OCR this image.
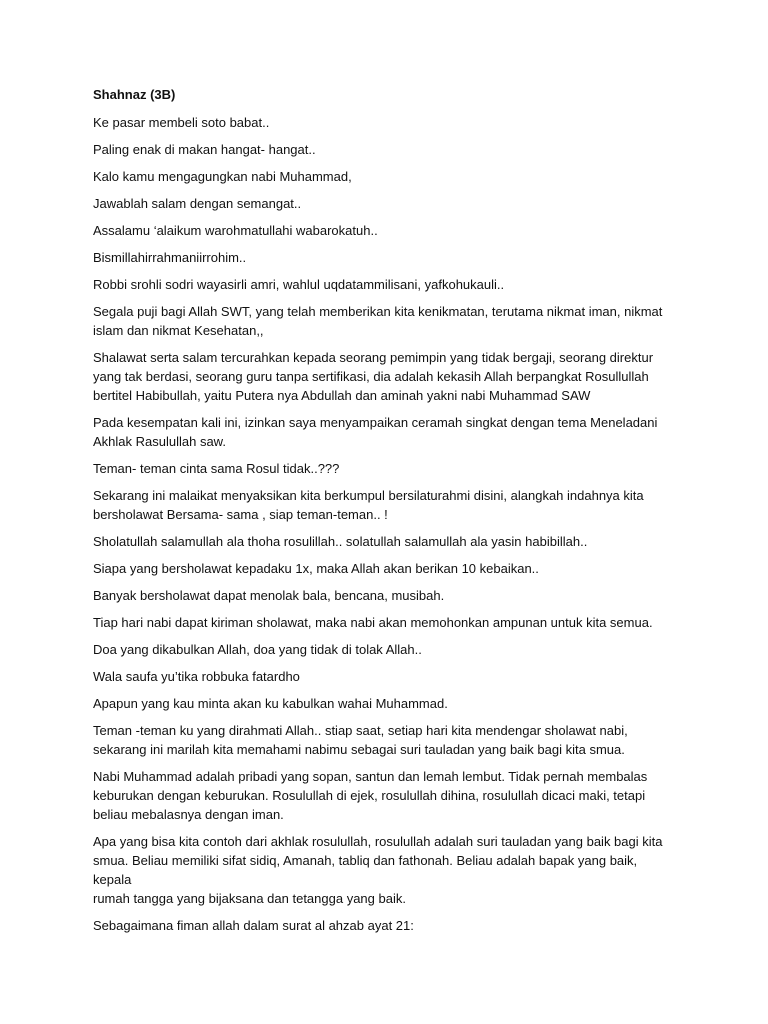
Shahnaz (3B)
Ke pasar membeli soto babat..
Paling enak di makan hangat- hangat..
Kalo kamu mengagungkan nabi Muhammad,
Jawablah salam dengan semangat..
Assalamu ‘alaikum warohmatullahi wabarokatuh..
Bismillahirrahmaniirrohim..
Robbi srohli sodri wayasirli amri, wahlul uqdatammilisani, yafkohukauli..
Segala puji bagi Allah SWT, yang telah memberikan kita kenikmatan, terutama nikmat iman, nikmat
islam dan nikmat Kesehatan,,
Shalawat serta salam tercurahkan kepada seorang pemimpin yang tidak bergaji, seorang direktur
yang tak berdasi, seorang guru tanpa sertifikasi, dia adalah kekasih Allah berpangkat Rosullullah
bertitel Habibullah, yaitu Putera nya Abdullah dan aminah yakni nabi Muhammad SAW
Pada kesempatan kali ini, izinkan saya menyampaikan ceramah singkat dengan tema Meneladani
Akhlak Rasulullah saw.
Teman- teman cinta sama Rosul tidak..???
Sekarang ini malaikat menyaksikan kita berkumpul bersilaturahmi disini, alangkah indahnya kita
bersholawat Bersama- sama , siap teman-teman.. !
Sholatullah salamullah ala thoha rosulillah.. solatullah salamullah ala yasin habibillah..
Siapa yang bersholawat kepadaku 1x, maka Allah akan berikan 10 kebaikan..
Banyak bersholawat dapat menolak bala, bencana, musibah.
Tiap hari nabi dapat kiriman sholawat, maka nabi akan memohonkan ampunan untuk kita semua.
Doa yang dikabulkan Allah, doa yang tidak di tolak Allah..
Wala saufa yu’tika robbuka fatardho
Apapun yang kau minta akan ku kabulkan wahai Muhammad.
Teman -teman ku yang dirahmati Allah.. stiap saat, setiap hari kita mendengar sholawat nabi,
sekarang ini marilah kita memahami nabimu sebagai suri tauladan yang baik bagi kita smua.
Nabi Muhammad adalah pribadi yang sopan, santun dan lemah lembut. Tidak pernah membalas
keburukan dengan keburukan. Rosulullah di ejek, rosulullah dihina, rosulullah dicaci maki, tetapi
beliau mebalasnya dengan iman.
Apa yang bisa kita contoh dari akhlak rosulullah, rosulullah adalah suri tauladan yang baik bagi kita
smua. Beliau memiliki sifat sidiq, Amanah, tabliq dan fathonah. Beliau adalah bapak yang baik, kepala
rumah tangga yang bijaksana dan tetangga yang baik.
Sebagaimana fiman allah dalam surat al ahzab ayat 21:
